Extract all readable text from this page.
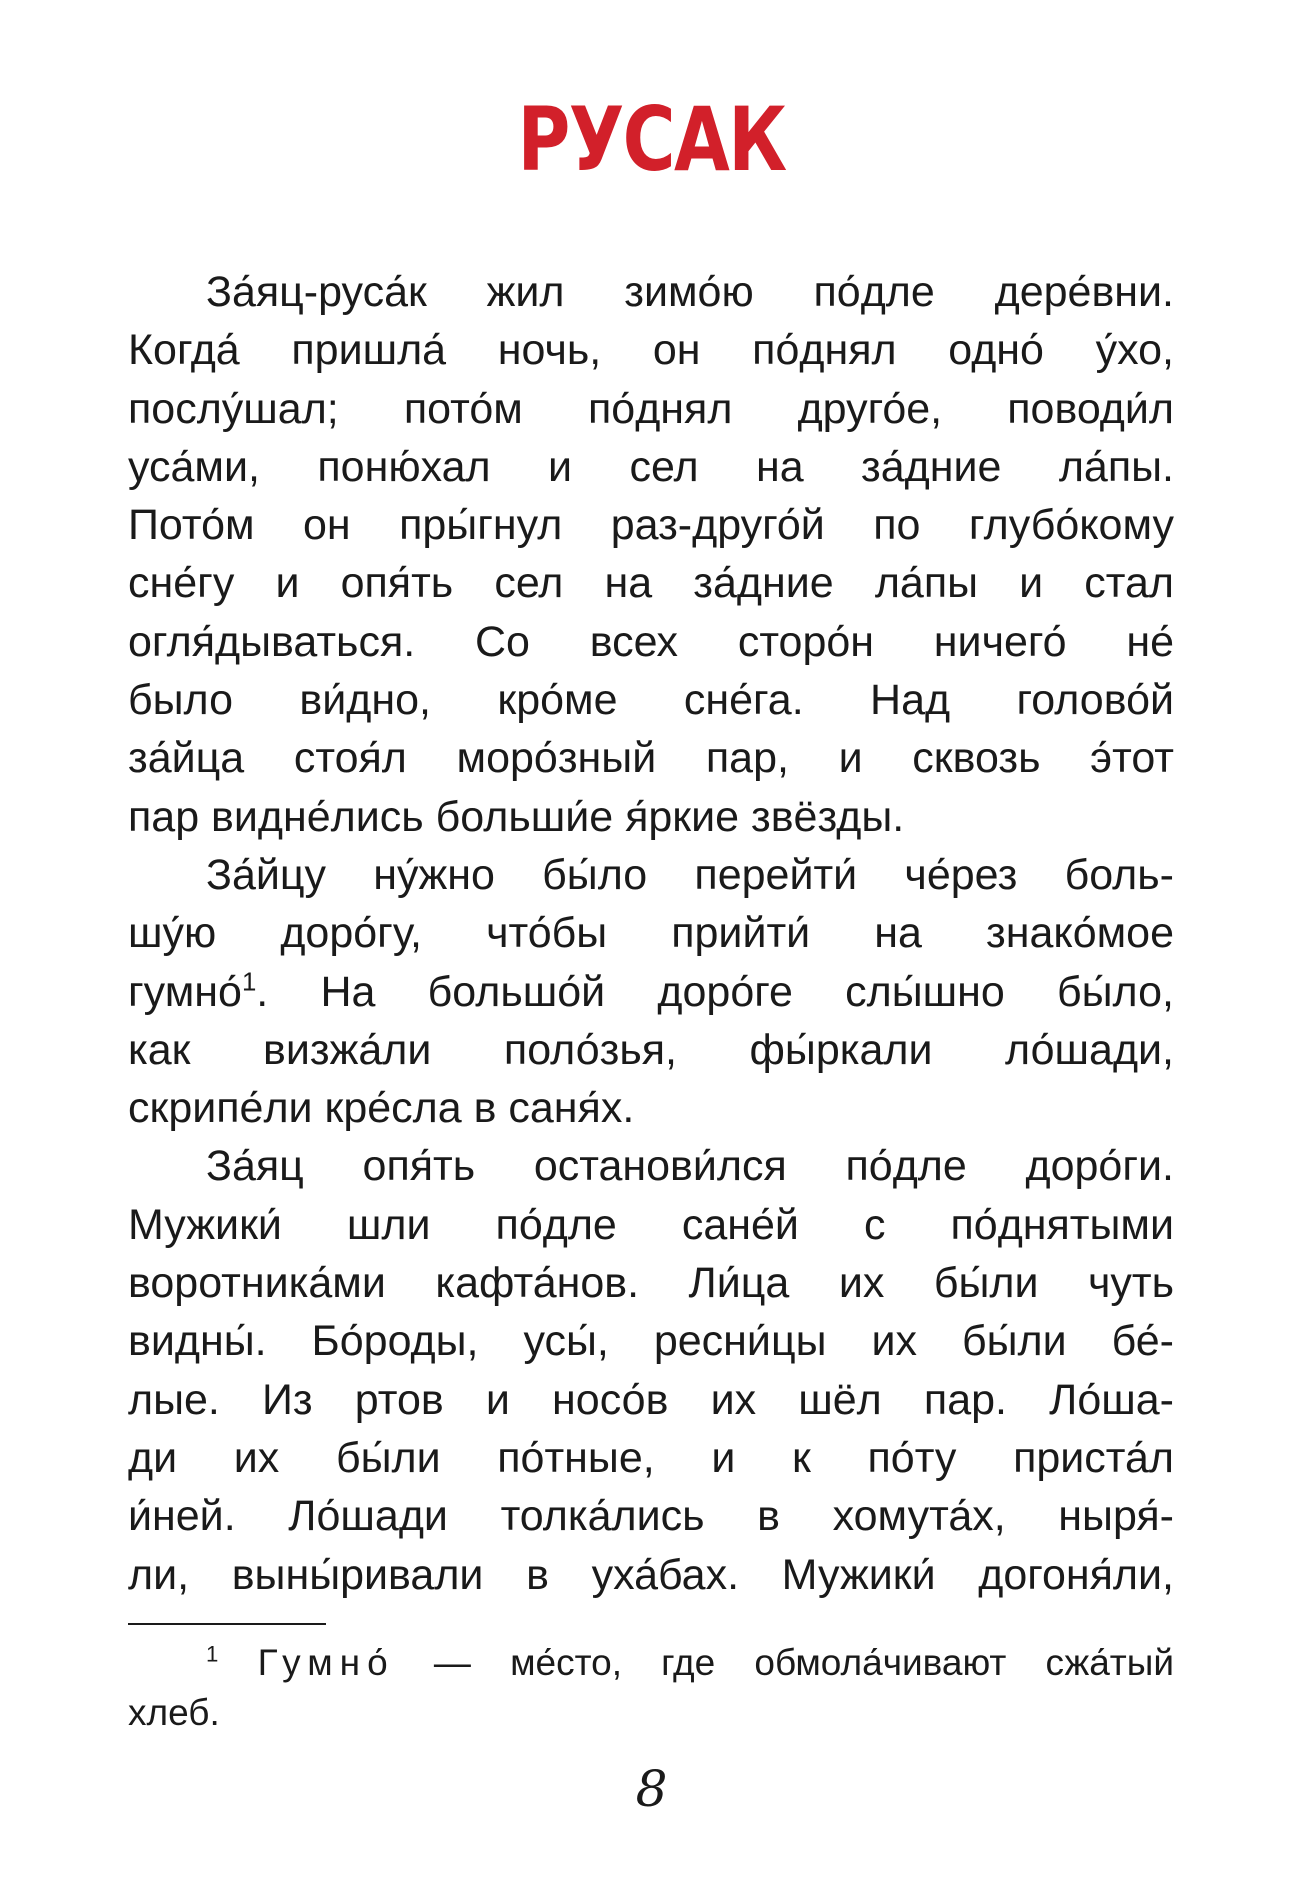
РУСАК
За́яц-руса́к жил зимо́ю по́дле дере́вни.
Когда́ пришла́ ночь, он по́днял одно́ у́хо,
послу́шал; пото́м по́днял друго́е, поводи́л
уса́ми, поню́хал и сел на за́дние ла́пы.
Пото́м он пры́гнул раз-друго́й по глубо́кому
сне́гу и опя́ть сел на за́дние ла́пы и стал
огля́дываться. Со всех сторо́н ничего́ не́
было ви́дно, кро́ме сне́га. Над голово́й
за́йца стоя́л моро́зный пар, и сквозь э́тот
пар видне́лись больши́е я́ркие звёзды.
За́йцу ну́жно бы́ло перейти́ че́рез боль-
шу́ю доро́гу, что́бы прийти́ на знако́мое
гумно́$^1$. На большо́й доро́ге слы́шно бы́ло,
как визжа́ли поло́зья, фы́ркали ло́шади,
скрипе́ли кре́сла в саня́х.
За́яц опя́ть останови́лся по́дле доро́ги.
Мужики́ шли по́дле сане́й с по́днятыми
воротника́ми кафта́нов. Ли́ца их бы́ли чуть
видны́. Бо́роды, усы́, ресни́цы их бы́ли бе́-
лые. Из ртов и носо́в их шёл пар. Ло́ша-
ди их бы́ли по́тные, и к по́ту приста́л
и́ней. Ло́шади толка́лись в хомута́х, ныря́-
ли, выны́ривали в уха́бах. Мужики́ догоня́ли,
$^1$ Гумно́ — ме́сто, где обмола́чивают сжа́тый
хлеб.
8
